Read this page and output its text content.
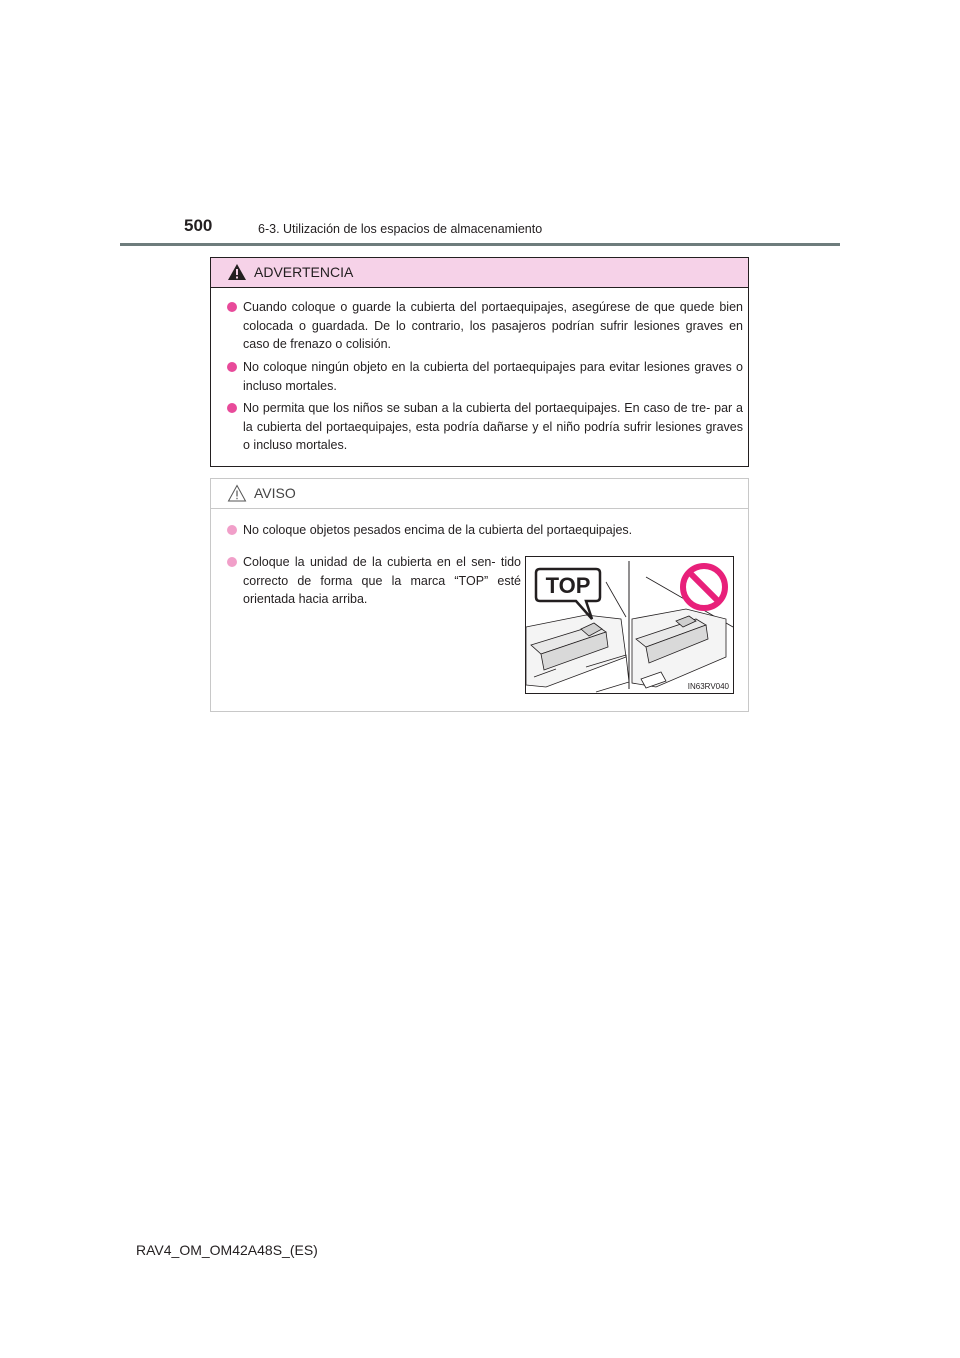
500	6-3. Utilización de los espacios de almacenamiento
ADVERTENCIA
Cuando coloque o guarde la cubierta del portaequipajes, asegúrese de que quede bien colocada o guardada. De lo contrario, los pasajeros podrían sufrir lesiones graves en caso de frenazo o colisión.
No coloque ningún objeto en la cubierta del portaequipajes para evitar lesiones graves o incluso mortales.
No permita que los niños se suban a la cubierta del portaequipajes. En caso de tre- par a la cubierta del portaequipajes, esta podría dañarse y el niño podría sufrir lesiones graves o incluso mortales.
AVISO
No coloque objetos pesados encima de la cubierta del portaequipajes.
Coloque la unidad de la cubierta en el sen- tido correcto de forma que la marca “TOP” esté orientada hacia arriba.
TOP
IN63RV040
RAV4_OM_OM42A48S_(ES)
